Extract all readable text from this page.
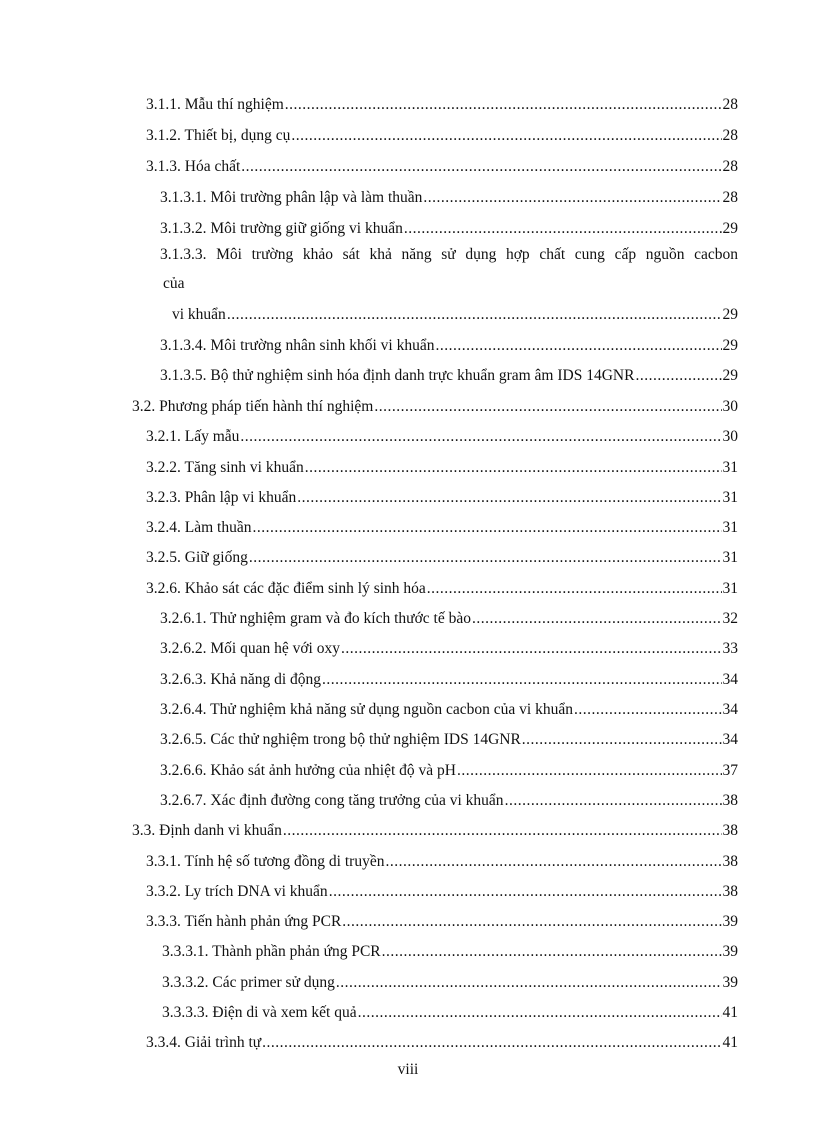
3.1.1. Mẫu thí nghiệm .....	28
3.1.2. Thiết bị, dụng cụ .....	28
3.1.3. Hóa chất .....	28
3.1.3.1. Môi trường phân lập và làm thuần .....	28
3.1.3.2. Môi trường giữ giống vi khuẩn .....	29
3.1.3.3. Môi trường khảo sát khả năng sử dụng hợp chất cung cấp nguồn cacbon
của
vi khuẩn .....	29
3.1.3.4. Môi trường nhân sinh khối vi khuẩn .....	29
3.1.3.5. Bộ thử nghiệm sinh hóa định danh trực khuẩn gram âm IDS 14GNR .....	29
3.2. Phương pháp tiến hành thí nghiệm .....	30
3.2.1. Lấy mẫu .....	30
3.2.2. Tăng sinh vi khuẩn .....	31
3.2.3. Phân lập vi khuẩn .....	31
3.2.4. Làm thuần .....	31
3.2.5. Giữ giống .....	31
3.2.6. Khảo sát các đặc điểm sinh lý sinh hóa .....	31
3.2.6.1. Thử nghiệm gram và đo kích thước tế bào .....	32
3.2.6.2. Mối quan hệ với oxy .....	33
3.2.6.3. Khả năng di động .....	34
3.2.6.4. Thử nghiệm khả năng sử dụng nguồn cacbon của vi khuẩn .....	34
3.2.6.5. Các thử nghiệm trong bộ thử nghiệm IDS 14GNR .....	34
3.2.6.6. Khảo sát ảnh hưởng của nhiệt độ và pH .....	37
3.2.6.7. Xác định đường cong tăng trưởng của vi khuẩn .....	38
3.3. Định danh vi khuẩn .....	38
3.3.1. Tính hệ số tương đồng di truyền .....	38
3.3.2. Ly trích DNA vi khuẩn .....	38
3.3.3. Tiến hành phản ứng PCR .....	39
3.3.3.1. Thành phần phản ứng PCR .....	39
3.3.3.2. Các primer sử dụng .....	39
3.3.3.3. Điện di và xem kết quả .....	41
3.3.4. Giải trình tự .....	41
viii
